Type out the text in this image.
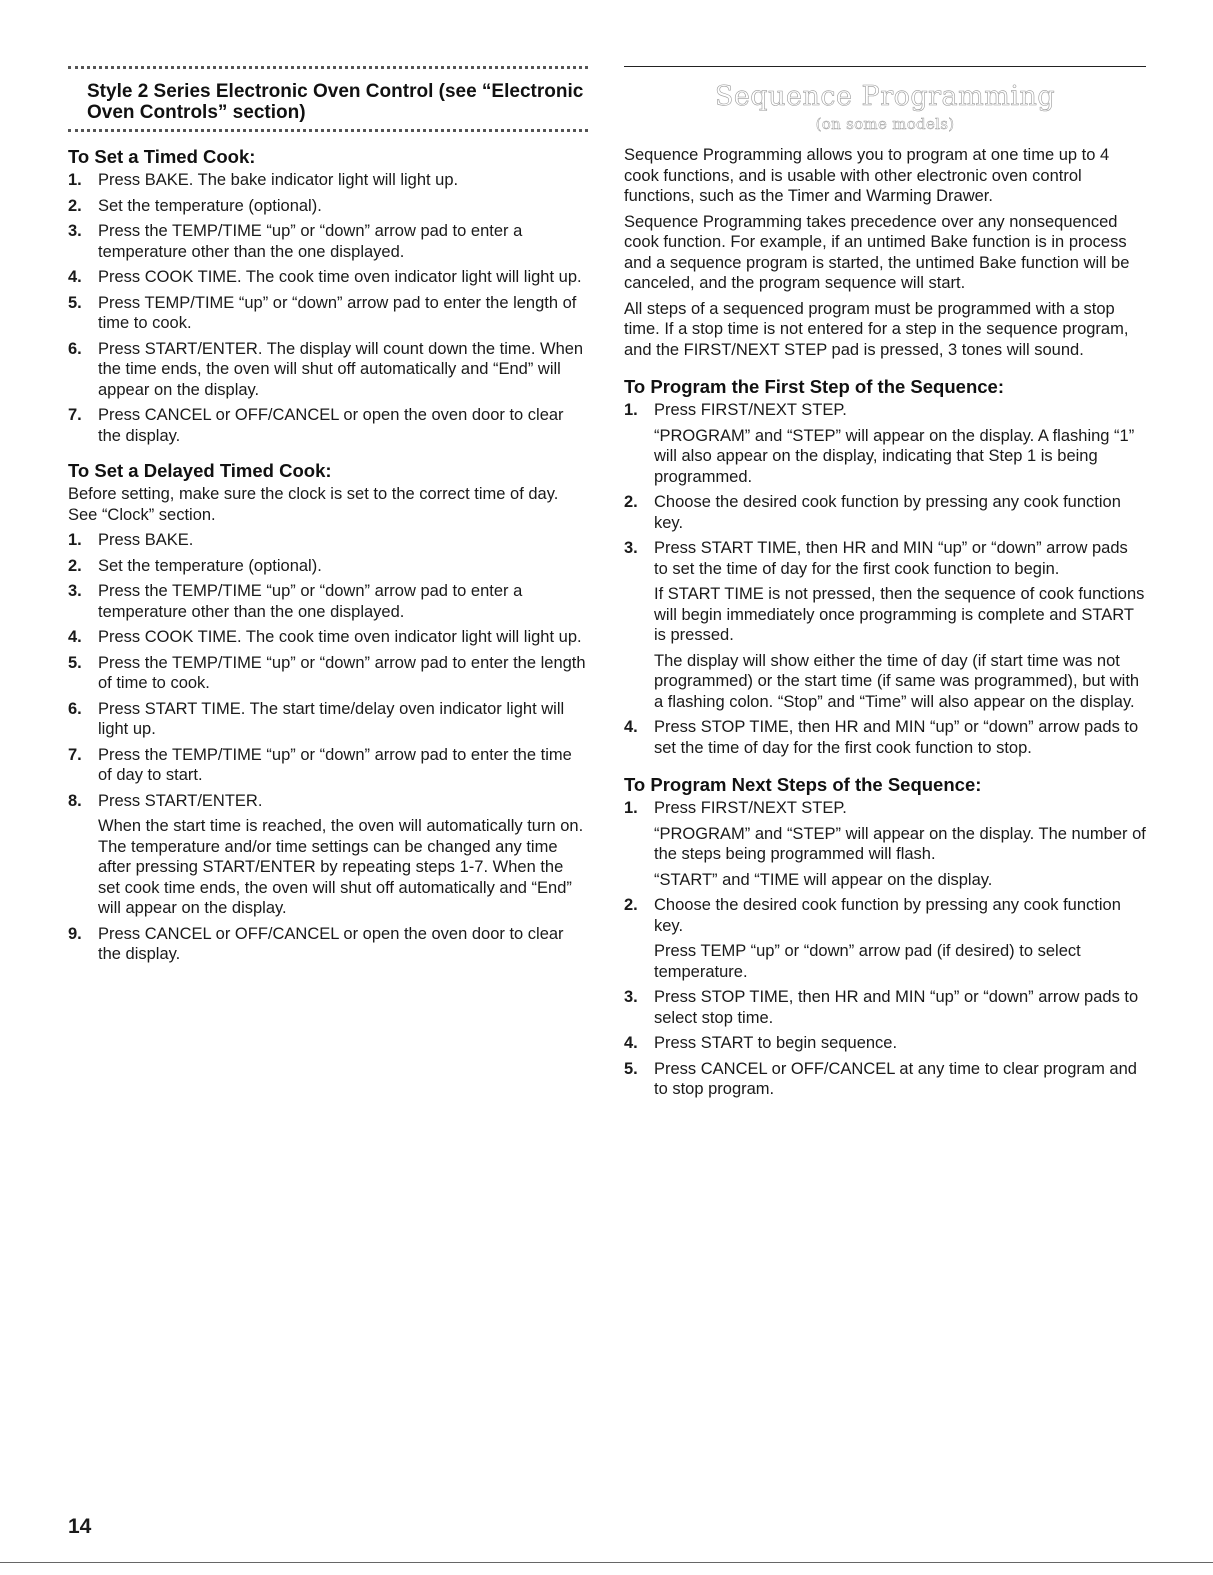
Style 2 Series Electronic Oven Control (see “Electronic Oven Controls” section)
To Set a Timed Cook:
1. Press BAKE. The bake indicator light will light up.
2. Set the temperature (optional).
3. Press the TEMP/TIME “up” or “down” arrow pad to enter a temperature other than the one displayed.
4. Press COOK TIME. The cook time oven indicator light will light up.
5. Press TEMP/TIME “up” or “down” arrow pad to enter the length of time to cook.
6. Press START/ENTER. The display will count down the time. When the time ends, the oven will shut off automatically and “End” will appear on the display.
7. Press CANCEL or OFF/CANCEL or open the oven door to clear the display.
To Set a Delayed Timed Cook:

Before setting, make sure the clock is set to the correct time of day. See “Clock” section.

1. Press BAKE.
2. Set the temperature (optional).
3. Press the TEMP/TIME “up” or “down” arrow pad to enter a temperature other than the one displayed.
4. Press COOK TIME. The cook time oven indicator light will light up.
5. Press the TEMP/TIME “up” or “down” arrow pad to enter the length of time to cook.
6. Press START TIME. The start time/delay oven indicator light will light up.
7. Press the TEMP/TIME “up” or “down” arrow pad to enter the time of day to start.
8. Press START/ENTER.
When the start time is reached, the oven will automatically turn on. The temperature and/or time settings can be changed any time after pressing START/ENTER by repeating steps 1-7. When the set cook time ends, the oven will shut off automatically and “End” will appear on the display.
9. Press CANCEL or OFF/CANCEL or open the oven door to clear the display.
Sequence Programming
(on some models)

Sequence Programming allows you to program at one time up to 4 cook functions, and is usable with other electronic oven control functions, such as the Timer and Warming Drawer.

Sequence Programming takes precedence over any nonsequenced cook function. For example, if an untimed Bake function is in process and a sequence program is started, the untimed Bake function will be canceled, and the program sequence will start.

All steps of a sequenced program must be programmed with a stop time. If a stop time is not entered for a step in the sequence program, and the FIRST/NEXT STEP pad is pressed, 3 tones will sound.

To Program the First Step of the Sequence:
1. Press FIRST/NEXT STEP.
“PROGRAM” and “STEP” will appear on the display. A flashing “1” will also appear on the display, indicating that Step 1 is being programmed.
2. Choose the desired cook function by pressing any cook function key.
3. Press START TIME, then HR and MIN “up” or “down” arrow pads to set the time of day for the first cook function to begin.
If START TIME is not pressed, then the sequence of cook functions will begin immediately once programming is complete and START is pressed.
The display will show either the time of day (if start time was not programmed) or the start time (if same was programmed), but with a flashing colon. “Stop” and “Time” will also appear on the display.
4. Press STOP TIME, then HR and MIN “up” or “down” arrow pads to set the time of day for the first cook function to stop.
To Program Next Steps of the Sequence:
1. Press FIRST/NEXT STEP.
“PROGRAM” and “STEP” will appear on the display. The number of the steps being programmed will flash.
“START” and “TIME will appear on the display.
2. Choose the desired cook function by pressing any cook function key.
Press TEMP “up” or “down” arrow pad (if desired) to select temperature.
3. Press STOP TIME, then HR and MIN “up” or “down” arrow pads to select stop time.
4. Press START to begin sequence.
5. Press CANCEL or OFF/CANCEL at any time to clear program and to stop program.
14
